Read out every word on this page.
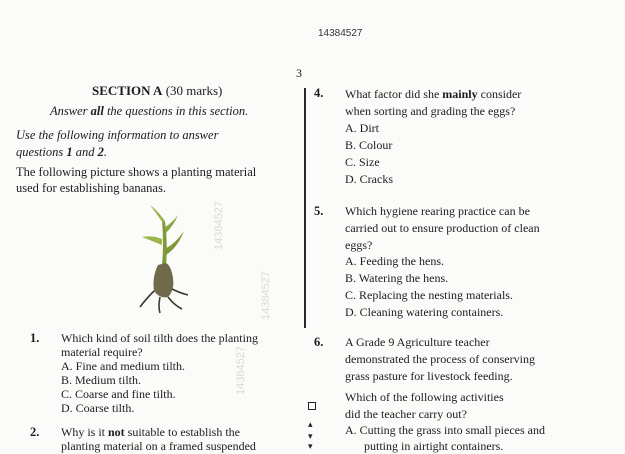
14384527
3
14384527
14384527
14384527
SECTION A (30 marks)
Answer all the questions in this section.
Use the following information to answer
questions 1 and 2.
The following picture shows a planting material
used for establishing bananas.
1. Which kind of soil tilth does the planting
material require?
A. Fine and medium tilth.
B. Medium tilth.
C. Coarse and fine tilth.
D. Coarse tilth.
2. Why is it not suitable to establish the
planting material on a framed suspended
4. What factor did she mainly consider
when sorting and grading the eggs?
A. Dirt
B. Colour
C. Size
D. Cracks
5. Which hygiene rearing practice can be
carried out to ensure production of clean
eggs?
A. Feeding the hens.
B. Watering the hens.
C. Replacing the nesting materials.
D. Cleaning watering containers.
6. A Grade 9 Agriculture teacher
demonstrated the process of conserving
grass pasture for livestock feeding.
Which of the following activities
did the teacher carry out?
A. Cutting the grass into small pieces and
putting in airtight containers.
▴
▾
▾
